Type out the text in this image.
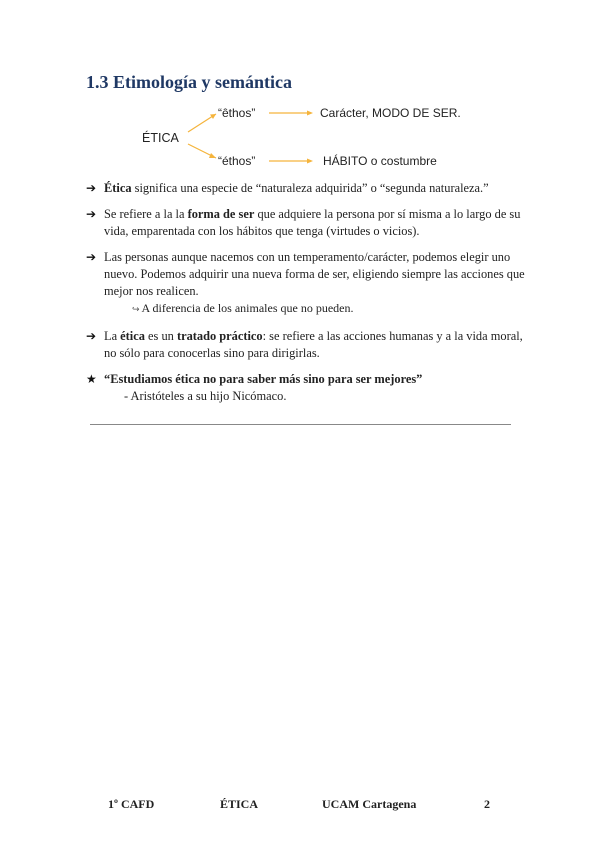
1.3 Etimología y semántica
ÉTICA
“êthos”	Carácter, MODO DE SER.
“éthos”	HÁBITO o costumbre
➔ Ética significa una especie de “naturaleza adquirida” o “segunda naturaleza.”
➔ Se refiere a la la forma de ser que adquiere la persona por sí misma a lo largo de su vida, emparentada con los hábitos que tenga (virtudes o vicios).
➔ Las personas aunque nacemos con un temperamento/carácter, podemos elegir uno nuevo. Podemos adquirir una nueva forma de ser, eligiendo siempre las acciones que mejor nos realicen.
↪ A diferencia de los animales que no pueden.
➔ La ética es un tratado práctico: se refiere a las acciones humanas y a la vida moral, no sólo para conocerlas sino para dirigirlas.
★ “Estudiamos ética no para saber más sino para ser mejores”
- Aristóteles a su hijo Nicómaco.
1º CAFD	ÉTICA	UCAM Cartagena	2
